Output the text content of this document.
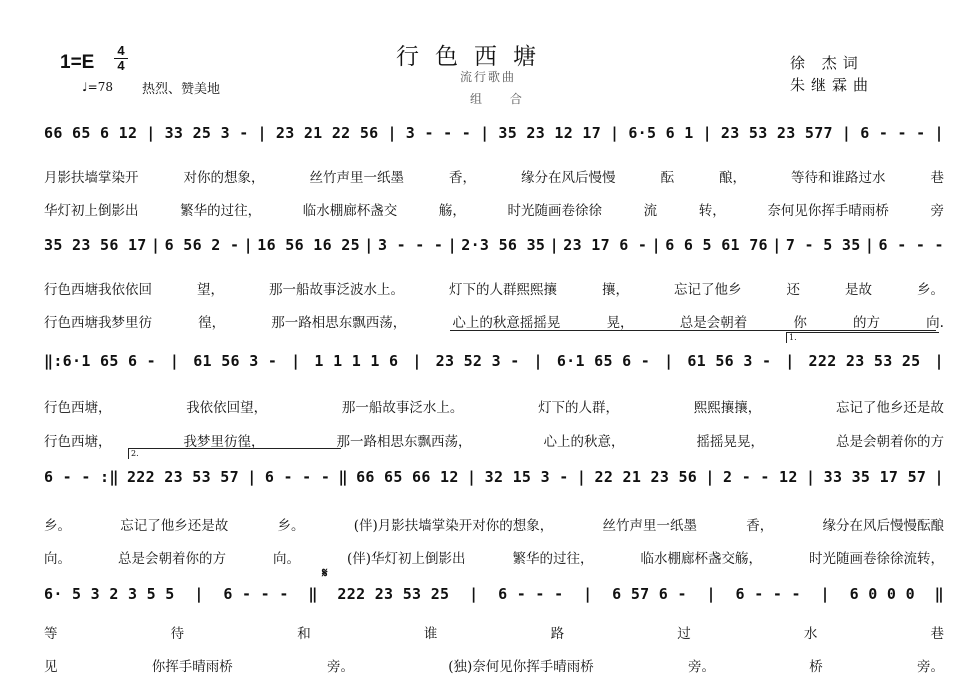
1=E
4
4
♩=78 热烈、赞美地
行色西塘
流行歌曲
组 合
徐 杰词
朱继霖曲
66 65 6 12 | 33 25 3 - | 23 21 22 56 | 3 - - - | 35 23 12 17 | 6·5 6 1 | 23 53 23 577 | 6 - - - |
月影扶墙掌染开	对你的想象，	丝竹声里一纸墨	香，	缘分在风后慢慢	酝	酿，	等待和谁路过水	巷
华灯初上倒影出	繁华的过往，	临水棚廊杯盏交	觞，	时光随画卷徐徐	流	转，	奈何见你挥手晴雨桥	旁
35 23 56 17 | 6 56 2 - | 16 56 16 25 | 3 - - - | 2·3 56 35 | 23 17 6 - | 6 6 5 61 76 | 7 - 5 35 | 6 - - -
行色西塘我依依回	望，	那一船故事泛波水上。	灯下的人群熙熙攘	攘，	忘记了他乡	还	是故	乡。
行色西塘我梦里彷	徨，	那一路相思东飘西荡，	心上的秋意摇摇晃	晃，	总是会朝着	你	的方	向.
‖:6·1 65 6 - | 61 56 3 - | 1 1 1 1 6 | 23 52 3 - | 6·1 65 6 - | 61 56 3 - | 222 23 53 25 |
行色西塘，	我依依回望，	那一船故事泛水上。	灯下的人群，	熙熙攘攘，	忘记了他乡还是故
行色西塘，	我梦里彷徨，	那一路相思东飘西荡，	心上的秋意，	摇摇晃晃，	总是会朝着你的方
1.
6 - - :‖ 222 23 53 57 | 6 - - - ‖ 66 65 66 12 | 32 15 3 - | 22 21 23 56 | 2 - - 12 | 33 35 17 57 |
乡。	忘记了他乡还是故	乡。	(伴)月影扶墙掌染开对你的想象，	丝竹声里一纸墨	香，	缘分在风后慢慢酝酿
向。	总是会朝着你的方	向。	(伴)华灯初上倒影出	繁华的过往，	临水棚廊杯盏交觞，	时光随画卷徐徐流转，
2.
6· 5 3 2 3 5 5 | 6 - - - ‖ 222 23 53 25 | 6 - - - | 6 57 6 - | 6 - - - | 6 0 0 0 ‖
等	待	和	谁	路	过	水	巷
见	你挥手晴雨桥	旁。	(独)奈何见你挥手晴雨桥	旁。	桥	旁。
𝄋
